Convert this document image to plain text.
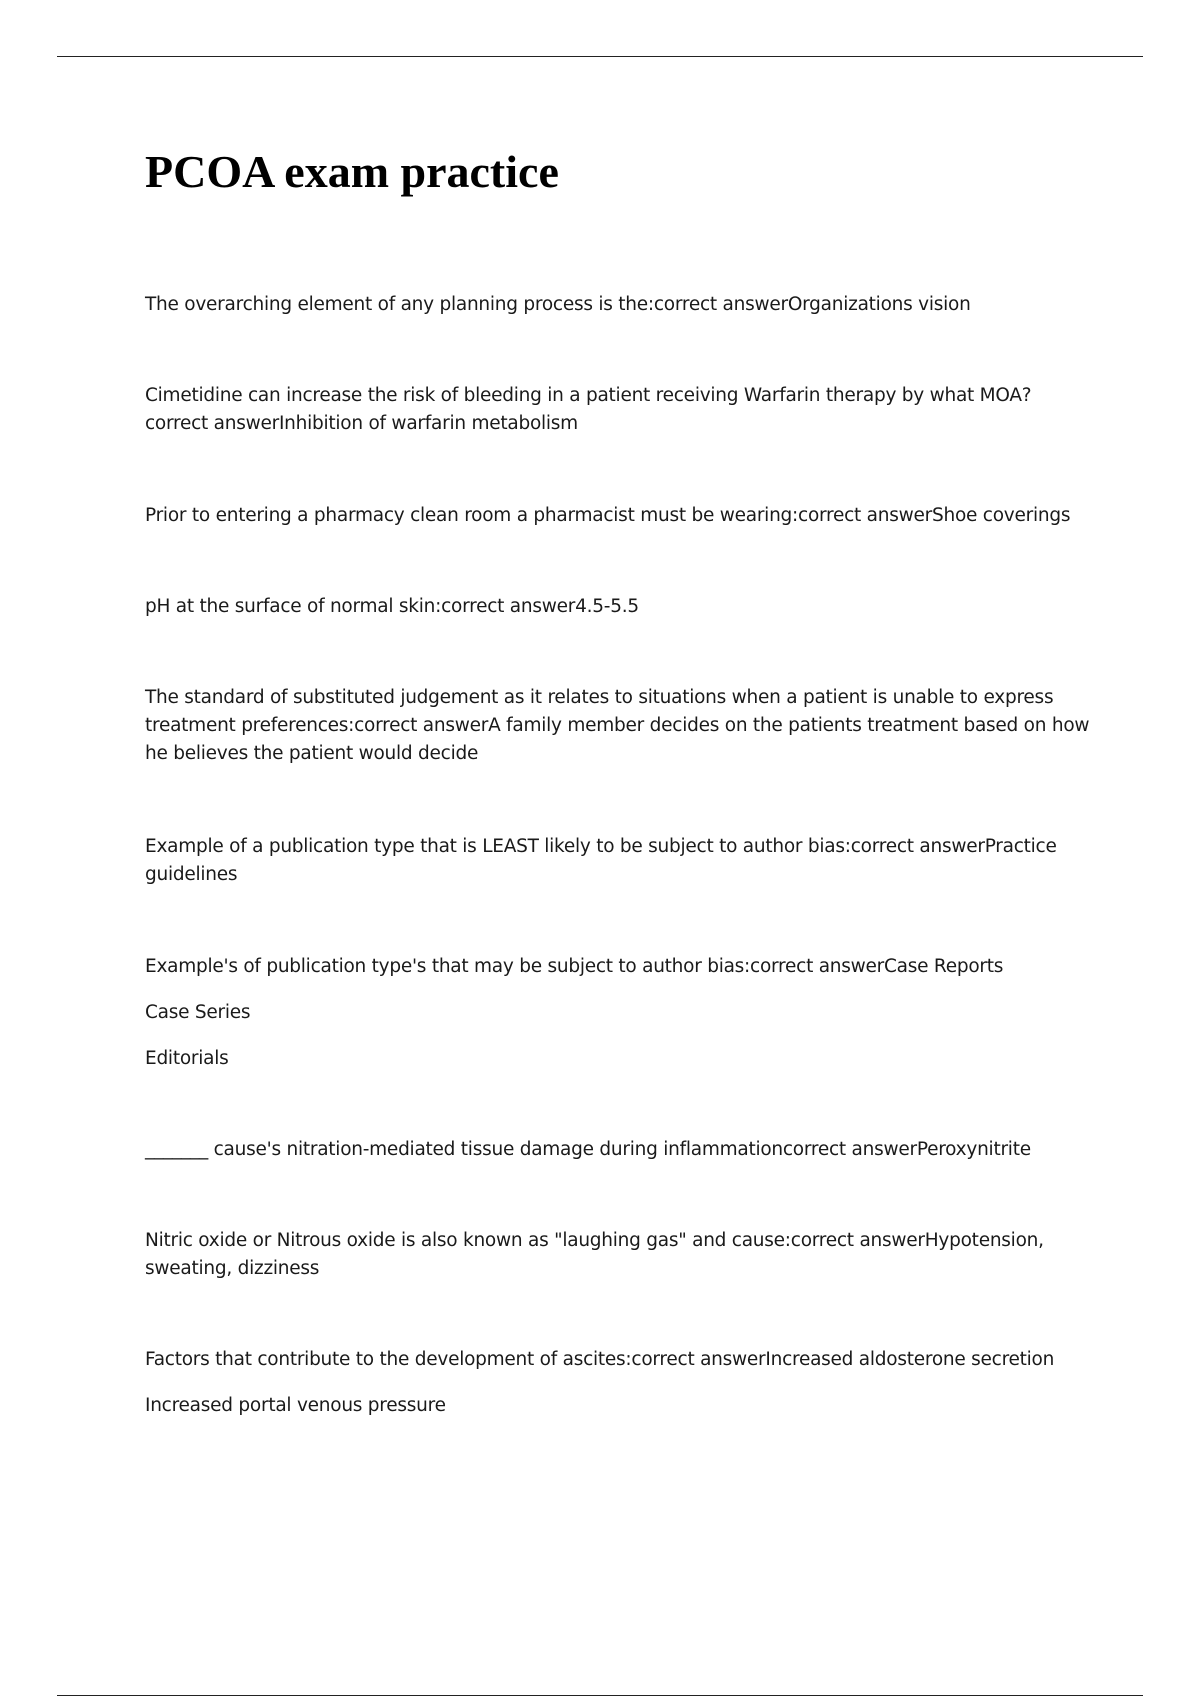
PCOA exam practice

The overarching element of any planning process is the:correct answerOrganizations vision

Cimetidine can increase the risk of bleeding in a patient receiving Warfarin therapy by what MOA?
correct answerInhibition of warfarin metabolism

Prior to entering a pharmacy clean room a pharmacist must be wearing:correct answerShoe coverings

pH at the surface of normal skin:correct answer4.5-5.5

The standard of substituted judgement as it relates to situations when a patient is unable to express
treatment preferences:correct answerA family member decides on the patients treatment based on how
he believes the patient would decide

Example of a publication type that is LEAST likely to be subject to author bias:correct answerPractice
guidelines

Example's of publication type's that may be subject to author bias:correct answerCase Reports

Case Series

Editorials

_______ cause's nitration-mediated tissue damage during inflammationcorrect answerPeroxynitrite

Nitric oxide or Nitrous oxide is also known as "laughing gas" and cause:correct answerHypotension,
sweating, dizziness

Factors that contribute to the development of ascites:correct answerIncreased aldosterone secretion

Increased portal venous pressure
